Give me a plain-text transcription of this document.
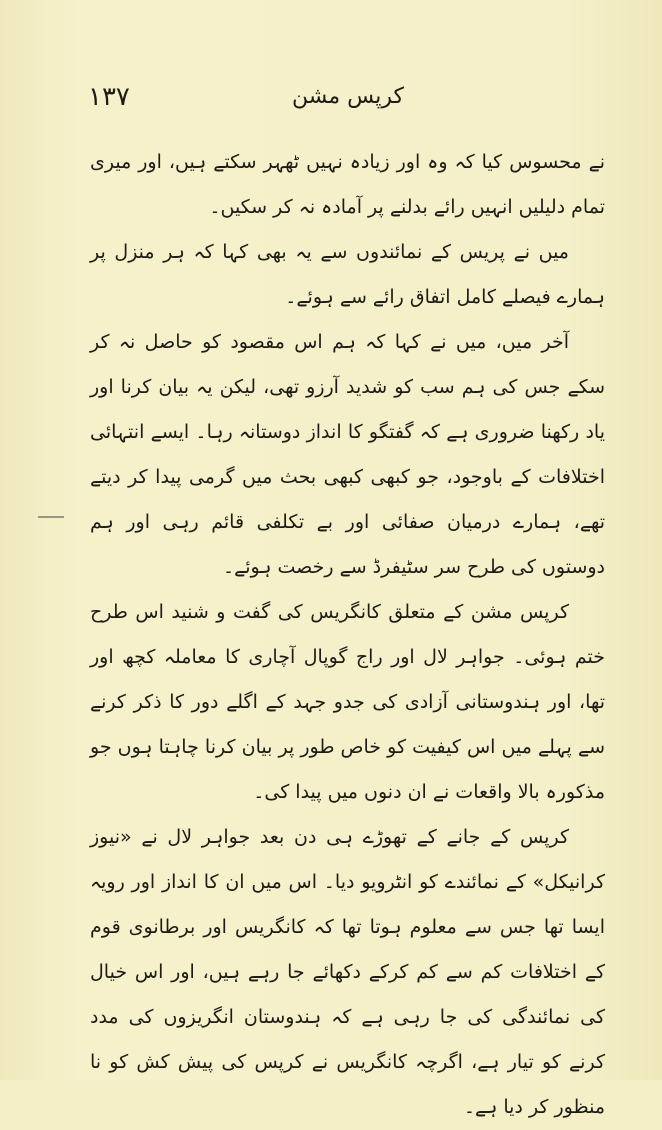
١٣٧	کرپس مشن

نے محسوس کیا کہ وہ اور زیادہ نہیں ٹھہر سکتے ہیں، اور میری تمام دلیلیں انہیں رائے بدلنے پر آمادہ نہ کر سکیں۔

میں نے پریس کے نمائندوں سے یہ بھی کہا کہ ہر منزل پر ہمارے فیصلے کامل اتفاق رائے سے ہوئے۔

آخر میں، میں نے کہا کہ ہم اس مقصود کو حاصل نہ کر سکے جس کی ہم سب کو شدید آرزو تھی، لیکن یہ بیان کرنا اور یاد رکھنا ضروری ہے کہ گفتگو کا انداز دوستانہ رہا۔ ایسے انتہائی اختلافات کے باوجود، جو کبھی کبھی بحث میں گرمی پیدا کر دیتے تھے، ہمارے درمیان صفائی اور بے تکلفی قائم رہی اور ہم دوستوں کی طرح سر سٹیفرڈ سے رخصت ہوئے۔

کرپس مشن کے متعلق کانگریس کی گفت و شنید اس طرح ختم ہوئی۔ جواہر لال اور راج گوپال آچاری کا معاملہ کچھ اور تھا، اور ہندوستانی آزادی کی جدو جہد کے اگلے دور کا ذکر کرنے سے پہلے میں اس کیفیت کو خاص طور پر بیان کرنا چاہتا ہوں جو مذکورہ بالا واقعات نے ان دنوں میں پیدا کی۔

کرپس کے جانے کے تھوڑے ہی دن بعد جواہر لال نے «نیوز کرانیکل» کے نمائندے کو انٹرویو دیا۔ اس میں ان کا انداز اور رویہ ایسا تھا جس سے معلوم ہوتا تھا کہ کانگریس اور برطانوی قوم کے اختلافات کم سے کم کرکے دکھائے جا رہے ہیں، اور اس خیال کی نمائندگی کی جا رہی ہے کہ ہندوستان انگریزوں کی مدد کرنے کو تیار ہے، اگرچہ کانگریس نے کرپس کی پیش کش کو نا منظور کر دیا ہے۔
